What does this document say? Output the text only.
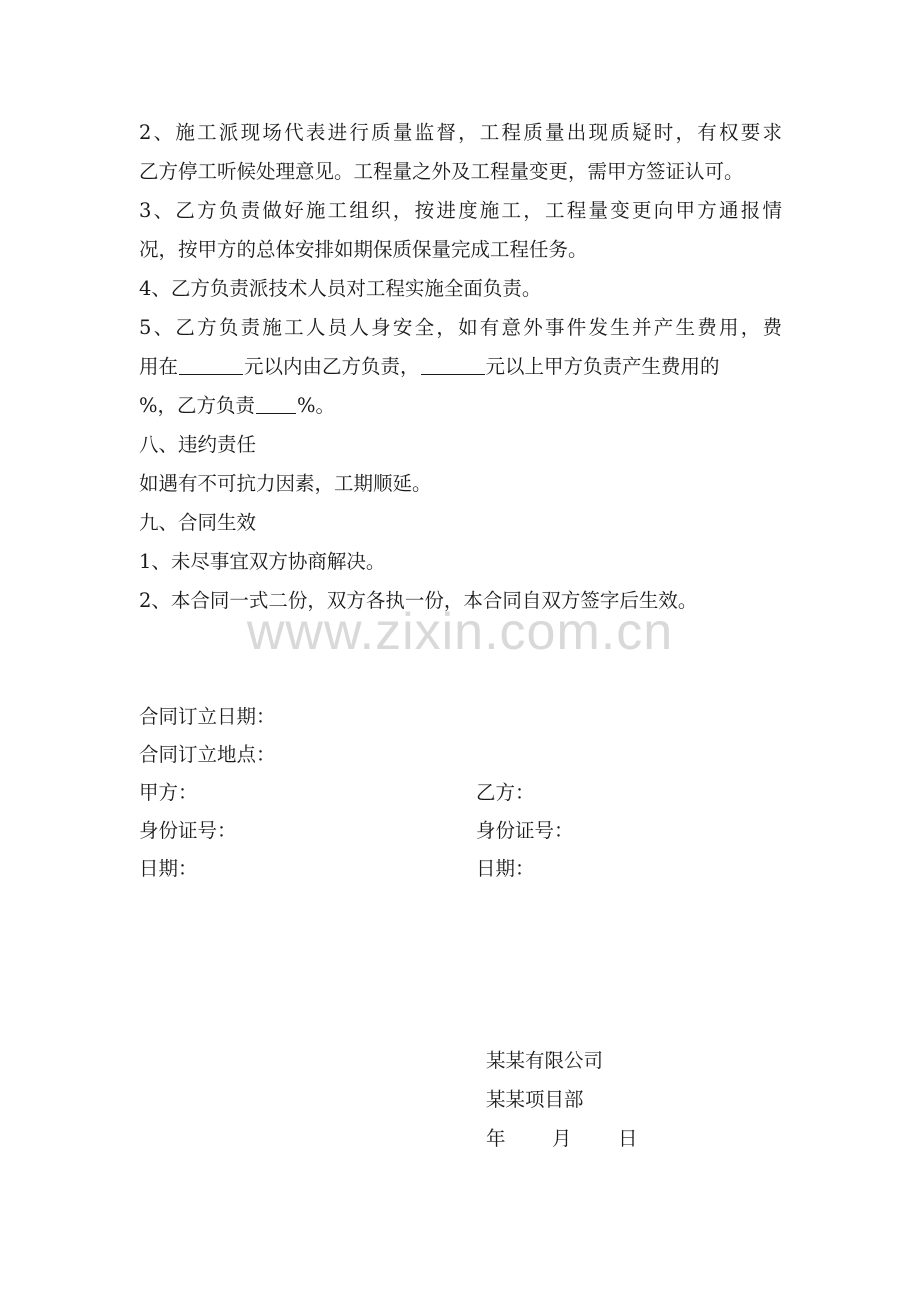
2、施工派现场代表进行质量监督，工程质量出现质疑时，有权要求
乙方停工听候处理意见。工程量之外及工程量变更，需甲方签证认可。
3、乙方负责做好施工组织，按进度施工，工程量变更向甲方通报情
况，按甲方的总体安排如期保质保量完成工程任务。
4、乙方负责派技术人员对工程实施全面负责。
5、乙方负责施工人员人身安全，如有意外事件发生并产生费用，费
用在	元以内由乙方负责，	元以上甲方负责产生费用的
%，乙方负责 %。
八、违约责任
如遇有不可抗力因素，工期顺延。
九、合同生效
1、未尽事宜双方协商解决。
2、本合同一式二份，双方各执一份，本合同自双方签字后生效。
www.zixin.com.cn
合同订立日期：
合同订立地点：
甲方：	乙方：
身份证号：	身份证号：
日期：	日期：
某某有限公司
某某项目部
年 月 日
